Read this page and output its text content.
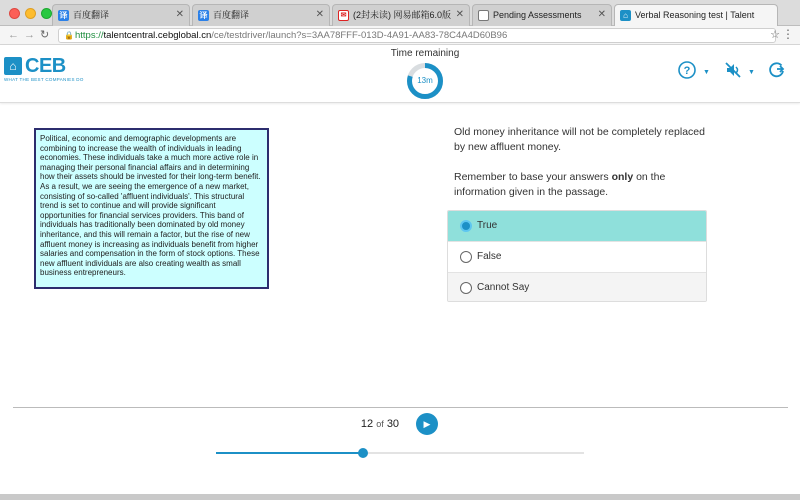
译 百度翻译	✕ 译 百度翻译	✕	✉ (2封未读) 网易邮箱6.0版 ✕	Pending Assessments ✕	⌂ Verbal Reasoning test | Talent
← → ↻ 🔒 https://talentcentral.cebglobal.cn/ce/testdriver/launch?s=3AA78FFF-013D-4A91-AA83-78C4A4D60B96	☆ ⋮
⌂ CEB
WHAT THE BEST COMPANIES DO
Time remaining
13m
? ▼	▼
Political, economic and demographic developments are combining to increase the wealth of individuals in leading economies. These individuals take a much more active role in managing their personal financial affairs and in determining how their assets should be invested for their long-term benefit. As a result, we are seeing the emergence of a new market, consisting of so-called 'affluent individuals'. This structural trend is set to continue and will provide significant opportunities for financial services providers. This band of individuals has traditionally been dominated by old money inheritance, and this will remain a factor, but the rise of new affluent money is increasing as individuals benefit from higher salaries and compensation in the form of stock options. These new affluent individuals are also creating wealth as small business entrepreneurs.

Old money inheritance will not be completely replaced by new affluent money.

Remember to base your answers only on the information given in the passage.

True
False
Cannot Say
12 of 30	▶
